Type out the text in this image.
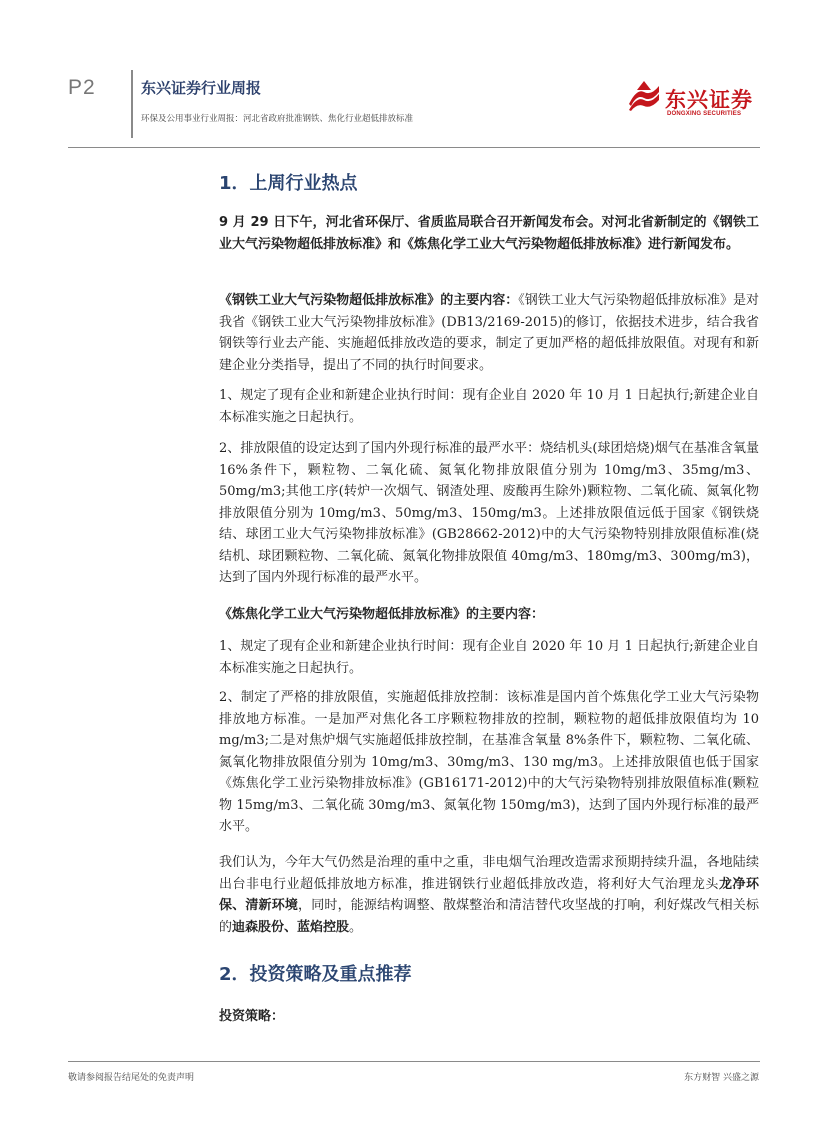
P2	东兴证券行业周报
环保及公用事业行业周报：河北省政府批准钢铁、焦化行业超低排放标准
东兴证券
DONGXING SECURITIES
1．上周行业热点

9 月 29 日下午，河北省环保厅、省质监局联合召开新闻发布会。对河北省新制定的《钢铁工业大气污染物超低排放标准》和《炼焦化学工业大气污染物超低排放标准》进行新闻发布。

《钢铁工业大气污染物超低排放标准》的主要内容：《钢铁工业大气污染物超低排放标准》是对我省《钢铁工业大气污染物排放标准》(DB13/2169-2015)的修订，依据技术进步，结合我省钢铁等行业去产能、实施超低排放改造的要求，制定了更加严格的超低排放限值。对现有和新建企业分类指导，提出了不同的执行时间要求。

1、规定了现有企业和新建企业执行时间：现有企业自 2020 年 10 月 1 日起执行;新建企业自本标准实施之日起执行。

2、排放限值的设定达到了国内外现行标准的最严水平：烧结机头(球团焙烧)烟气在基准含氧量 16%条件下，颗粒物、二氧化硫、氮氧化物排放限值分别为 10mg/m3、35mg/m3、50mg/m3;其他工序(转炉一次烟气、钢渣处理、废酸再生除外)颗粒物、二氧化硫、氮氧化物排放限值分别为 10mg/m3、50mg/m3、150mg/m3。上述排放限值远低于国家《钢铁烧结、球团工业大气污染物排放标准》(GB28662-2012)中的大气污染物特别排放限值标准(烧结机、球团颗粒物、二氧化硫、氮氧化物排放限值 40mg/m3、180mg/m3、300mg/m3)，达到了国内外现行标准的最严水平。

《炼焦化学工业大气污染物超低排放标准》的主要内容：

1、规定了现有企业和新建企业执行时间：现有企业自 2020 年 10 月 1 日起执行;新建企业自本标准实施之日起执行。

2、制定了严格的排放限值，实施超低排放控制：该标准是国内首个炼焦化学工业大气污染物排放地方标准。一是加严对焦化各工序颗粒物排放的控制，颗粒物的超低排放限值均为 10 mg/m3;二是对焦炉烟气实施超低排放控制，在基准含氧量 8%条件下，颗粒物、二氧化硫、氮氧化物排放限值分别为 10mg/m3、30mg/m3、130 mg/m3。上述排放限值也低于国家《炼焦化学工业污染物排放标准》(GB16171-2012)中的大气污染物特别排放限值标准(颗粒物 15mg/m3、二氧化硫 30mg/m3、氮氧化物 150mg/m3)，达到了国内外现行标准的最严水平。

我们认为，今年大气仍然是治理的重中之重，非电烟气治理改造需求预期持续升温，各地陆续出台非电行业超低排放地方标准，推进钢铁行业超低排放改造，将利好大气治理龙头龙净环保、清新环境，同时，能源结构调整、散煤整治和清洁替代攻坚战的打响，利好煤改气相关标的迪森股份、蓝焰控股。

2．投资策略及重点推荐
投资策略：
敬请参阅报告结尾处的免责声明	东方财智 兴盛之源
